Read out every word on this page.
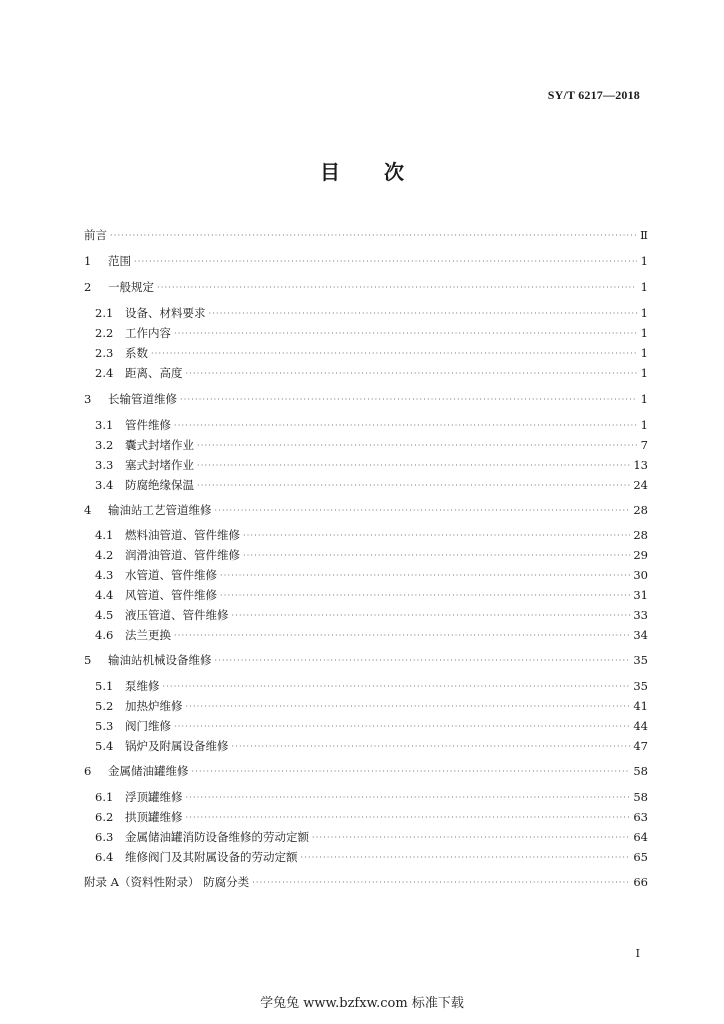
SY/T 6217—2018
目 次
前言 ·····	Ⅱ
1	范围 ·····	1
2	一般规定 ·····	1
2.1	设备、材料要求 ·····	1
2.2	工作内容 ·····	1
2.3	系数 ·····	1
2.4	距离、高度 ·····	1
3	长输管道维修 ·····	1
3.1	管件维修 ·····	1
3.2	囊式封堵作业 ·····	7
3.3	塞式封堵作业 ·····	13
3.4	防腐绝缘保温 ·····	24
4	输油站工艺管道维修 ·····	28
4.1	燃料油管道、管件维修 ·····	28
4.2	润滑油管道、管件维修 ·····	29
4.3	水管道、管件维修 ·····	30
4.4	风管道、管件维修 ·····	31
4.5	液压管道、管件维修 ·····	33
4.6	法兰更换 ·····	34
5	输油站机械设备维修 ·····	35
5.1	泵维修 ·····	35
5.2	加热炉维修 ·····	41
5.3	阀门维修 ·····	44
5.4	锅炉及附属设备维修 ·····	47
6	金属储油罐维修 ·····	58
6.1	浮顶罐维修 ·····	58
6.2	拱顶罐维修 ·····	63
6.3	金属储油罐消防设备维修的劳动定额 ·····	64
6.4	维修阀门及其附属设备的劳动定额 ·····	65
附录 A（资料性附录） 防腐分类 ·····	66
Ⅰ
学兔兔 www.bzfxw.com 标准下载
